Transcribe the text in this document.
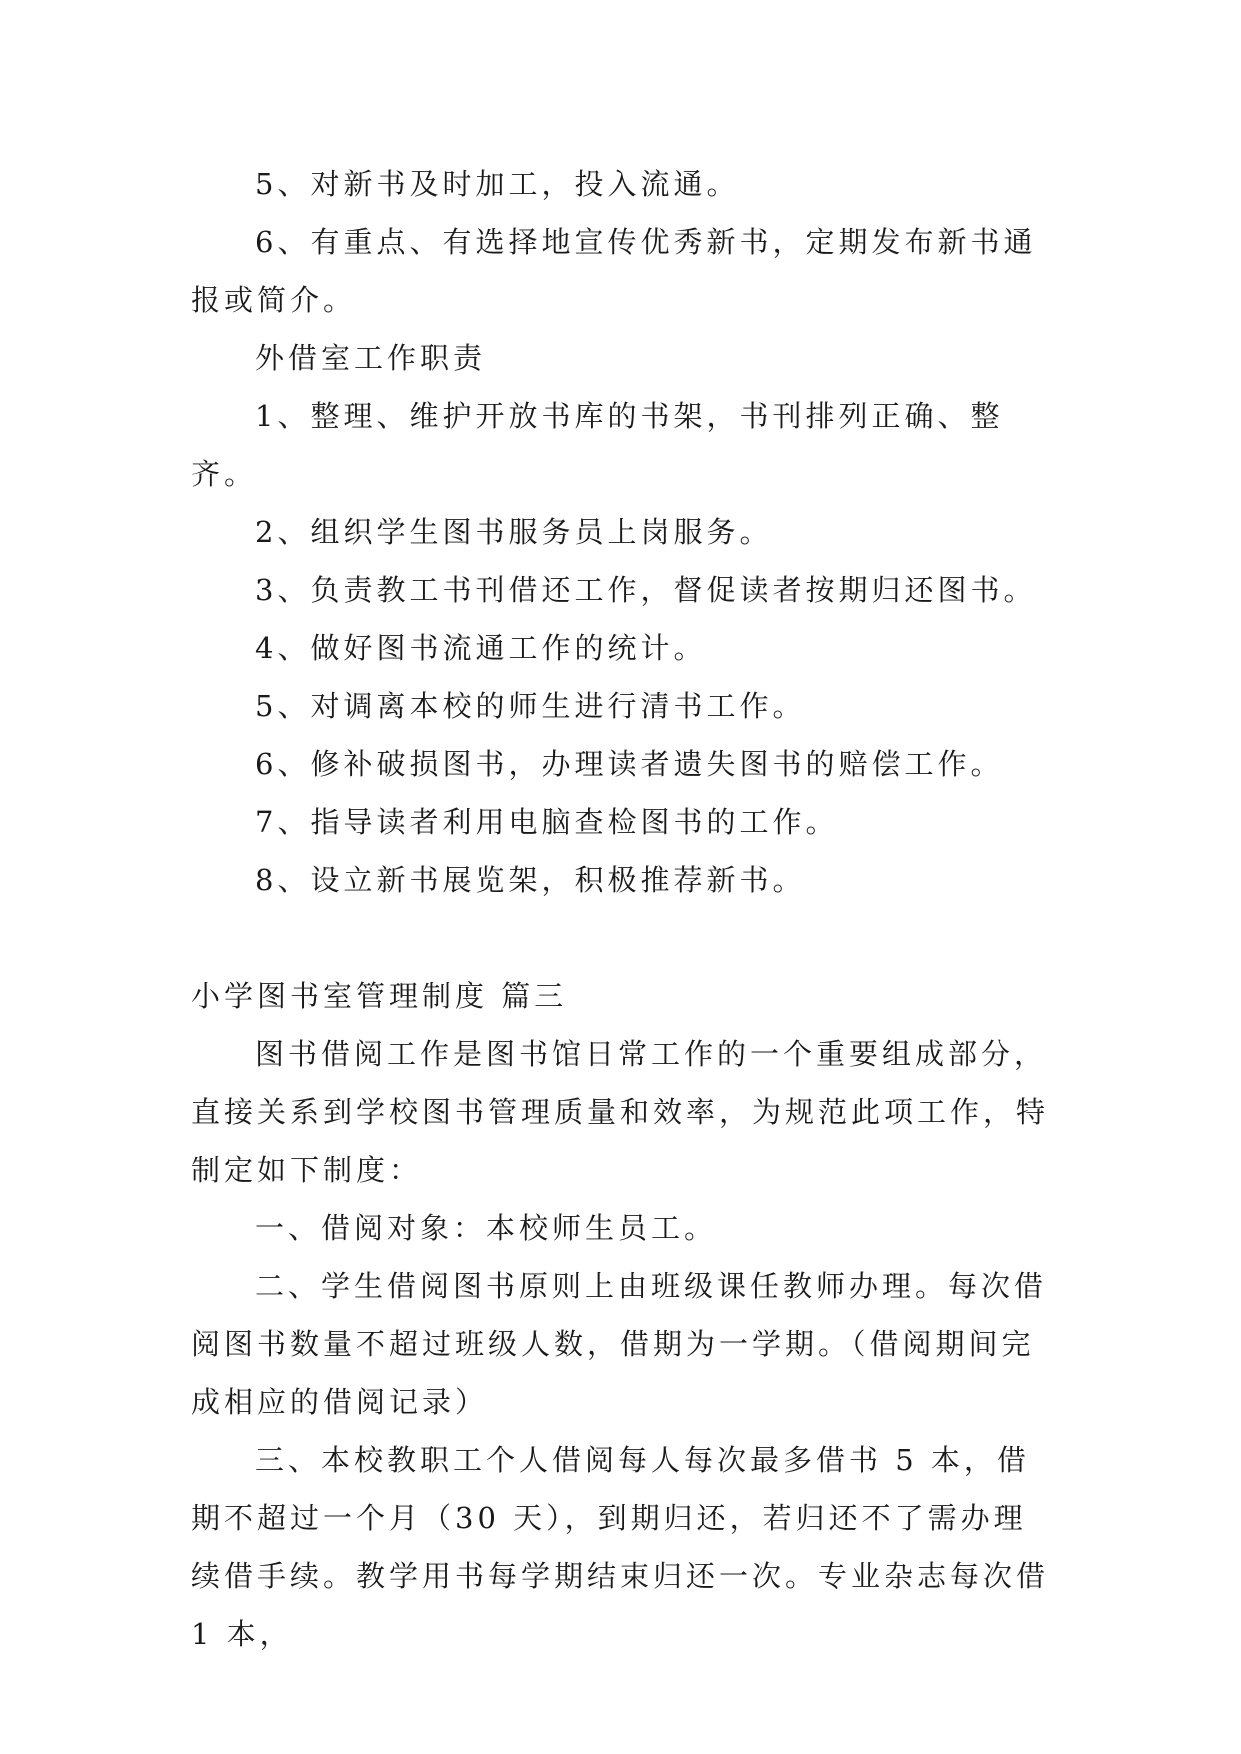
5、对新书及时加工，投入流通。

6、有重点、有选择地宣传优秀新书，定期发布新书通报或简介。

外借室工作职责

1、整理、维护开放书库的书架，书刊排列正确、整齐。

2、组织学生图书服务员上岗服务。

3、负责教工书刊借还工作，督促读者按期归还图书。

4、做好图书流通工作的统计。

5、对调离本校的师生进行清书工作。

6、修补破损图书，办理读者遗失图书的赔偿工作。

7、指导读者利用电脑查检图书的工作。

8、设立新书展览架，积极推荐新书。

小学图书室管理制度 篇三

图书借阅工作是图书馆日常工作的一个重要组成部分，直接关系到学校图书管理质量和效率，为规范此项工作，特制定如下制度：

一、借阅对象：本校师生员工。

二、学生借阅图书原则上由班级课任教师办理。每次借阅图书数量不超过班级人数，借期为一学期。（借阅期间完成相应的借阅记录）

三、本校教职工个人借阅每人每次最多借书 5 本，借期不超过一个月（30 天），到期归还，若归还不了需办理续借手续。教学用书每学期结束归还一次。专业杂志每次借 1 本，
